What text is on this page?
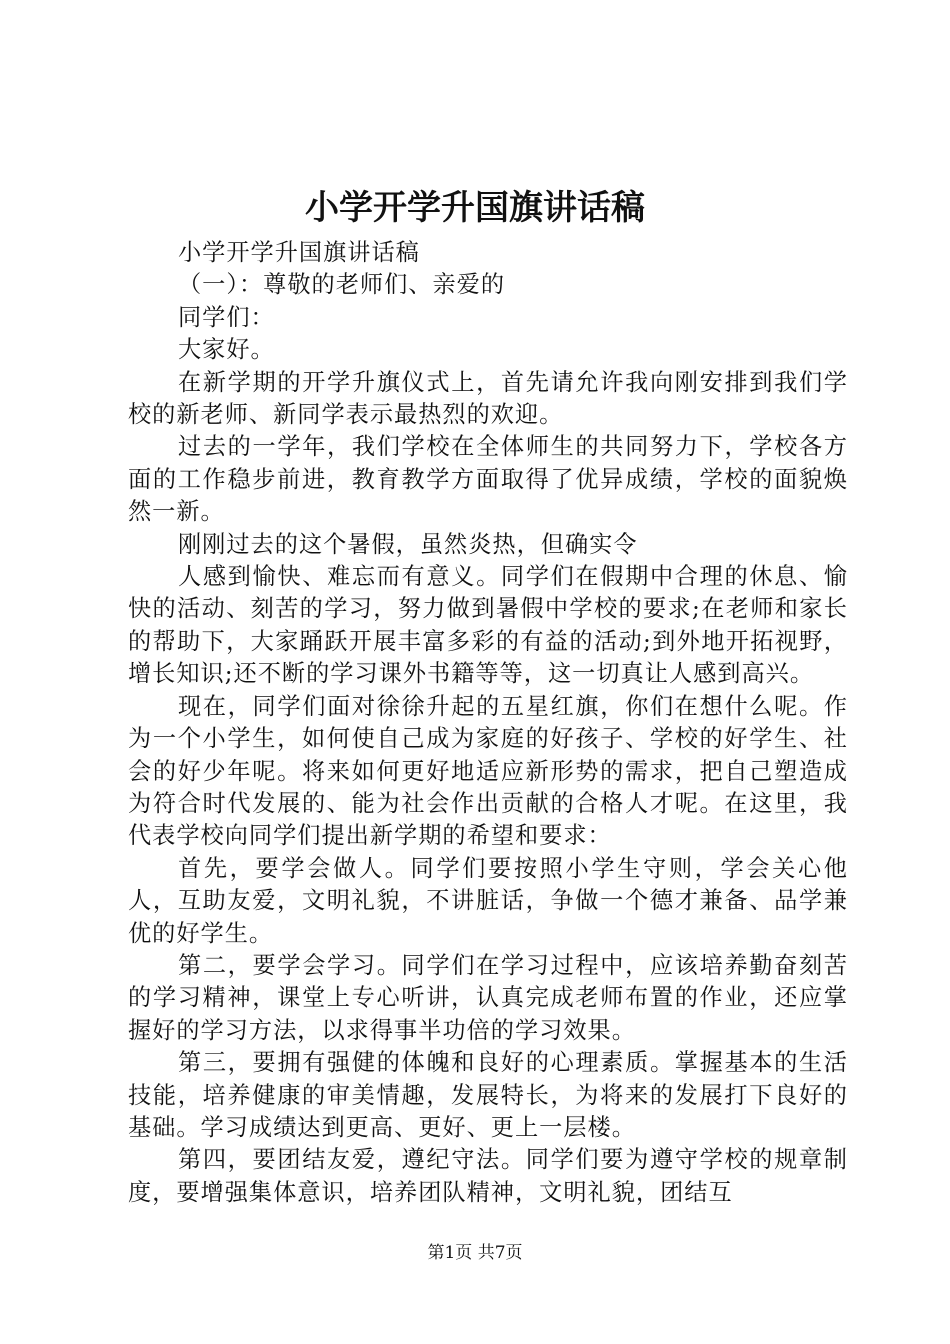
小学开学升国旗讲话稿

小学开学升国旗讲话稿

（一）：尊敬的老师们、亲爱的

同学们：

大家好。

在新学期的开学升旗仪式上，首先请允许我向刚安排到我们学校的新老师、新同学表示最热烈的欢迎。

过去的一学年，我们学校在全体师生的共同努力下，学校各方面的工作稳步前进，教育教学方面取得了优异成绩，学校的面貌焕然一新。

刚刚过去的这个暑假，虽然炎热，但确实令

人感到愉快、难忘而有意义。同学们在假期中合理的休息、愉快的活动、刻苦的学习，努力做到暑假中学校的要求;在老师和家长的帮助下，大家踊跃开展丰富多彩的有益的活动;到外地开拓视野，增长知识;还不断的学习课外书籍等等，这一切真让人感到高兴。

现在，同学们面对徐徐升起的五星红旗，你们在想什么呢。作为一个小学生，如何使自己成为家庭的好孩子、学校的好学生、社会的好少年呢。将来如何更好地适应新形势的需求，把自己塑造成为符合时代发展的、能为社会作出贡献的合格人才呢。在这里，我代表学校向同学们提出新学期的希望和要求：

首先，要学会做人。同学们要按照小学生守则，学会关心他人，互助友爱，文明礼貌，不讲脏话，争做一个德才兼备、品学兼优的好学生。

第二，要学会学习。同学们在学习过程中，应该培养勤奋刻苦的学习精神，课堂上专心听讲，认真完成老师布置的作业，还应掌握好的学习方法，以求得事半功倍的学习效果。

第三，要拥有强健的体魄和良好的心理素质。掌握基本的生活技能，培养健康的审美情趣，发展特长，为将来的发展打下良好的基础。学习成绩达到更高、更好、更上一层楼。

第四，要团结友爱，遵纪守法。同学们要为遵守学校的规章制度，要增强集体意识，培养团队精神，文明礼貌，团结互

第1页 共7页
